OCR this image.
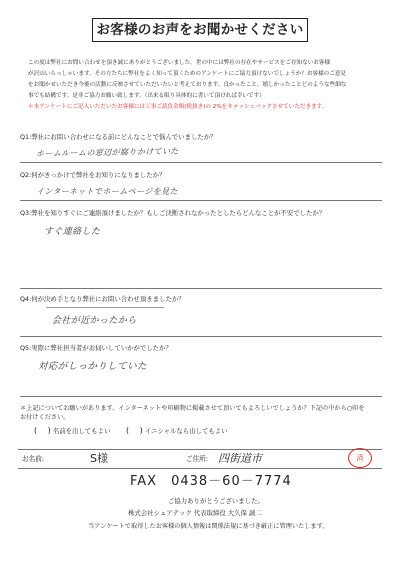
お客様のお声をお聞かせください

この度は弊社にお問い合わせを頂き誠にありがとうございました。世の中には弊社の存在やサービスをご存知ないお客様

が沢山いらっしゃいます。その方たちに弊社をよく知って頂くためのアンケートにご協力頂けないでしょうか？お客様のご意見

をお聞かせいただき今後の活動に反映させていただいたいと考えております。良かったこと、嬉しかったことどのような些細な

事でも結構です。是非ご協力お願い致します。（出来る限り具体的に書いて頂ければ幸いです）

＊本アンケートにご記入いただいたお客様には工事ご請負金額(税抜き)の 2%をキャッシュバックさせていただきます。

Q1:弊社にお問い合わせになる前にどんなことで悩んでいましたか？
ホームルームの窓辺が腐りかけていた
Q2:何がきっかけで弊社をお知りになりましたか？
インターネットでホームページを見た
Q3:弊社を知りすぐにご連絡頂けましたか？もしご決断されなかったとしたらどんなことが不安でしたか？
すぐ連絡した
Q4:何が決め手となり弊社にお問い合わせ頂きましたか？
会社が近かったから
Q5:実際に弊社担当者がお伺いしていかがでしたか？
対応がしっかりしていた
＊上記についてお願いがあります。インターネットや印刷物に掲載させて頂いてもよろしいでしょうか？下記の中から○印を
お付けください。
(　 ) 名前を出してもよい (　 ) イニシャルなら出してもよい
お名前:	S様	ご住所: 四街道市	済
FAX　0438－60－7774
ご協力ありがとうございました。
株式会社シュアテック 代表取締役 大久保 誠二
当アンケートで取得したお客様の個人情報は関係法規に基づき厳正に管理いたします。
